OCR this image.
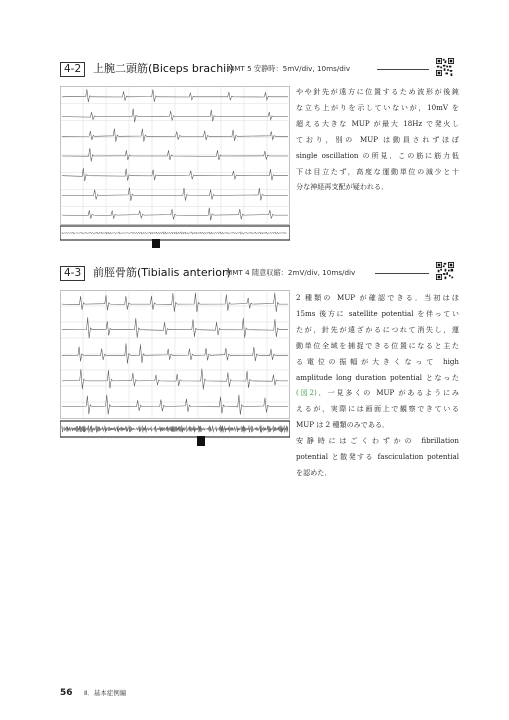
4-2	上腕二頭筋(Biceps brachii)
MMT 5 安静時：5mV/div, 10ms/div
やや針先が遠方に位置するため波形が後鈍
な立ち上がりを示していないが，10mV を
超える大きな MUP が最大 18Hz で発火し
ており，別の MUP は動員されずほぼ
single oscillation の所見．この筋に筋力低
下は目立たず，高度な運動単位の減少と十
分な神経再支配が疑われる．
4-3	前脛骨筋(Tibialis anterior)
MMT 4 随意収縮：2mV/div, 10ms/div
2 種類の MUP が確認できる．当初はほ
15ms 後方に satellite potential を伴ってい
たが，針先が遠ざかるにつれて消失し，運
動単位全域を捕捉できる位置になると主た
る電位の振幅が大きくなって high
amplitude long duration potential となった
(図2)．一見多くの MUP があるようにみ
えるが，実際には画面上で観察できている
MUP は 2 種類のみである．
安静時にはごくわずかの fibrillation
potential と散発する fasciculation potential
を認めた．
56 Ⅱ．基本症例編
